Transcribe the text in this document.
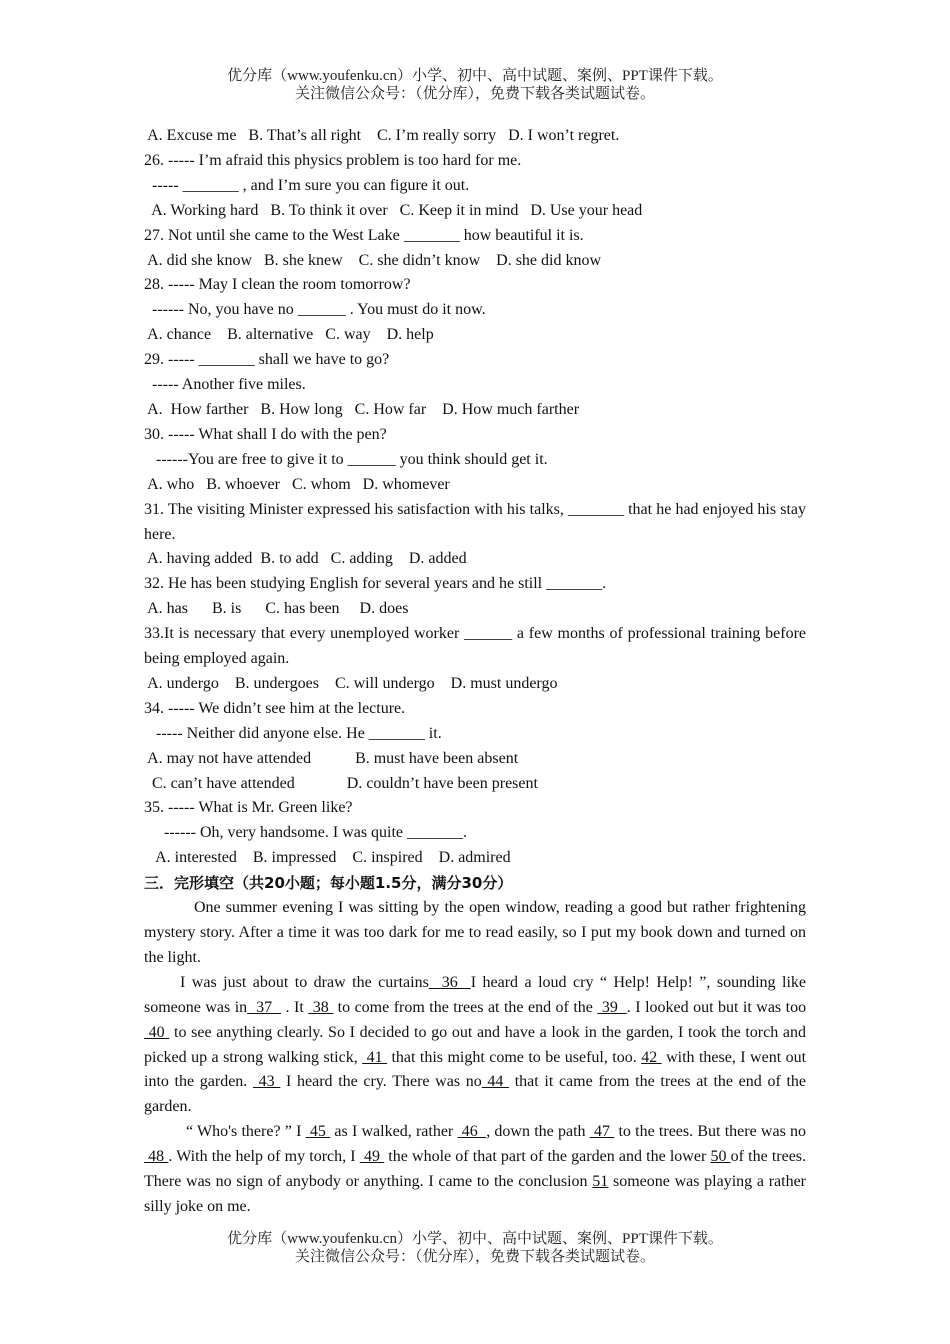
优分库（www.youfenku.cn）小学、初中、高中试题、案例、PPT课件下载。
关注微信公众号：（优分库），免费下载各类试题试卷。
A. Excuse me   B. That’s all right    C. I’m really sorry   D. I won’t regret.
26. ----- I’m afraid this physics problem is too hard for me.
----- _______ , and I’m sure you can figure it out.
A. Working hard   B. To think it over   C. Keep it in mind   D. Use your head
27. Not until she came to the West Lake _______ how beautiful it is.
A. did she know   B. she knew    C. she didn’t know    D. she did know
28. ----- May I clean the room tomorrow?
------ No, you have no ______ . You must do it now.
A. chance    B. alternative   C. way    D. help
29. ----- _______ shall we have to go?
----- Another five miles.
A.  How farther   B. How long   C. How far    D. How much farther
30. ----- What shall I do with the pen?
------You are free to give it to ______ you think should get it.
A. who   B. whoever   C. whom   D. whomever
31. The visiting Minister expressed his satisfaction with his talks, _______ that he had enjoyed his stay here.
A. having added  B. to add   C. adding    D. added
32. He has been studying English for several years and he still _______.
A. has      B. is      C. has been     D. does
33.It is necessary that every unemployed worker ______ a few months of professional training before being employed again.
A. undergo    B. undergoes    C. will undergo    D. must undergo
34. ----- We didn’t see him at the lecture.
----- Neither did anyone else. He _______ it.
A. may not have attended           B. must have been absent
C. can’t have attended             D. couldn’t have been present
35. ----- What is Mr. Green like?
------ Oh, very handsome. I was quite _______.
A. interested    B. impressed    C. inspired    D. admired
三．完形填空（共20小题；每小题1.5分，满分30分）
One summer evening I was sitting by the open window, reading a good but rather frightening mystery story. After a time it was too dark for me to read easily, so I put my book down and turned on the light.
I was just about to draw the curtains  36  I heard a loud cry “ Help! Help! ”, sounding like someone was in  37   . It  38  to come from the trees at the end of the  39  . I looked out but it was too  40  to see anything clearly. So I decided to go out and have a look in the garden, I took the torch and picked up a strong walking stick,  41  that this might come to be useful, too. 42  with these, I went out into the garden.  43  I heard the cry. There was no 44  that it came from the trees at the end of the garden.
“ Who's there? ” I  45  as I walked, rather  46  , down the path  47  to the trees. But there was no  48 . With the help of my torch, I  49  the whole of that part of the garden and the lower 50 of the trees. There was no sign of anybody or anything. I came to the conclusion 51 someone was playing a rather silly joke on me.
优分库（www.youfenku.cn）小学、初中、高中试题、案例、PPT课件下载。
关注微信公众号：（优分库），免费下载各类试题试卷。
